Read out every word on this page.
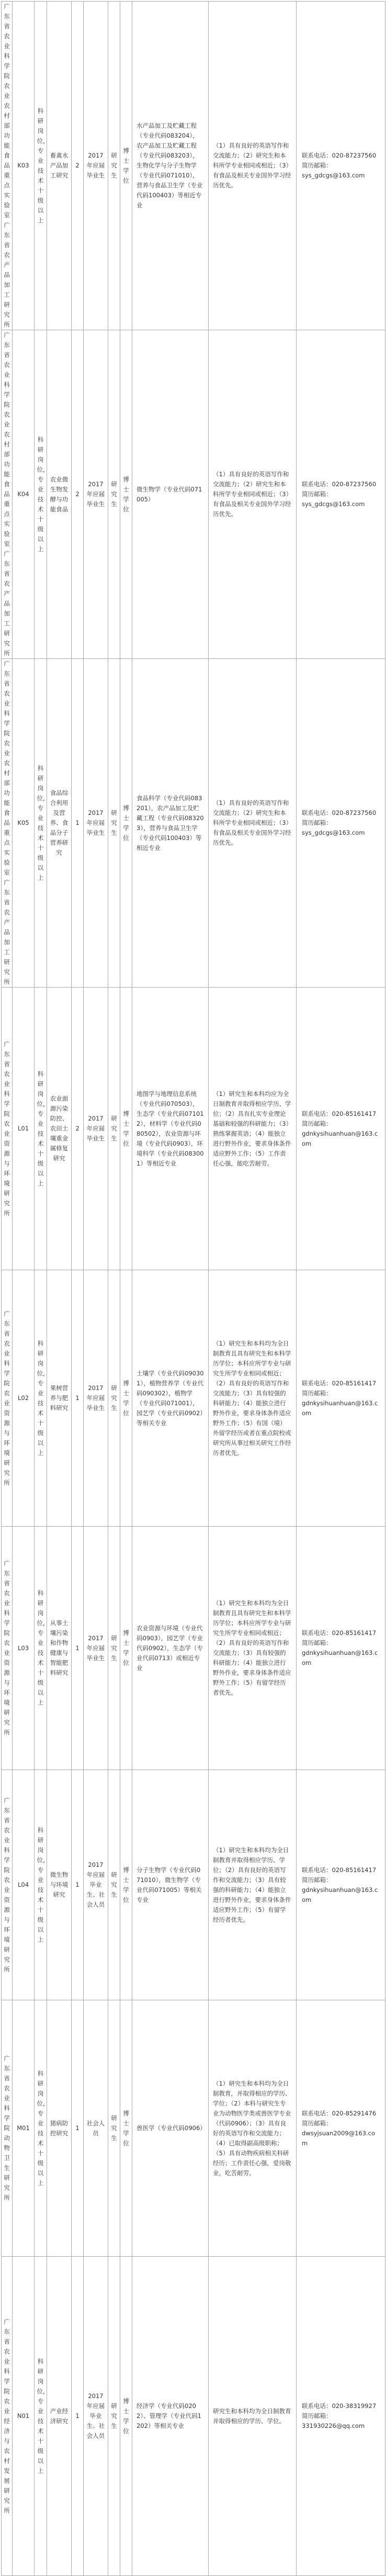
广东省农业科学院农业农村部功能食品重点实验室广东省农产品加工研究所	K03	科研岗位，专业技术十级以上	畜禽水产品加工研究	2	2017年应届毕业生	研究生	博士学位	水产品加工及贮藏工程（专业代码083204），农产品加工及贮藏工程（专业代码083203），生物化学与分子生物学（专业代码071010），营养与食品卫生学（专业代码100403）等相近专业	（1）具有良好的英语写作和交流能力；（2）研究生和本科所学专业相同或相近；（3）有食品及相关专业国外学习经历优先。	联系电话：020-87237560
简历邮箱：
sys_gdcgs@163.com

广东省农业科学院农业农村部功能食品重点实验室广东省农产品加工研究所	K04	科研岗位，专业技术十级以上	农业微生物发酵与功能食品	2	2017年应届毕业生	研究生	博士学位	微生物学（专业代码071005）	（1）具有良好的英语写作和交流能力；（2）研究生和本科所学专业相同或相近；（3）有食品及相关专业国外学习经历优先。	联系电话：020-87237560
简历邮箱：
sys_gdcgs@163.com

广东省农业科学院农业农村部功能食品重点实验室广东省农产品加工研究所	K05	科研岗位，专业技术十级以上	食品综合利用及营养、食品分子营养研究	1	2017年应届毕业生	研究生	博士学位	食品科学（专业代码083201），农产品加工及贮藏工程（专业代码083203），营养与食品卫生学（专业代码100403）等相近专业	（1）具有良好的英语写作和交流能力；（2）研究生和本科所学专业相同或相近；（3）有食品及相关专业国外学习经历优先。	联系电话：020-87237560
简历邮箱：
sys_gdcgs@163.com

广东省农业科学院农业资源与环境研究所	L01	科研岗位，专业技术十级以上	农业面源污染防控、农田土壤重金属修复研究	2	2017年应届毕业生	研究生	博士学位	地图学与地理信息系统（专业代码070503），生态学（专业代码071012），材料学（专业代码080502），农业资源与环境（专业代码0903），环境科学（专业代码083001）等相近专业	（1）研究生和本科均应为全日制教育并取得相应学历、学位；（2）具有扎实专业理论基础和较强的科研能力；（3）熟练掌握英语；（4）能独立进行野外作业，要求身体条件适应野外工作；（5）工作责任心强，能吃苦耐劳。	联系电话：020-85161417
简历邮箱：
gdnkysihuanhuan@163.com

广东省农业科学院农业资源与环境研究所	L02	科研岗位，专业技术十级以上	果树营养与肥料研究	1	2017年应届毕业生	研究生	博士学位	土壤学（专业代码090301），植物营养学（专业代码090302），植物学（专业代码071001），园艺学（专业代码0902）等相关专业	（1）研究生和本科均为全日制教育且具有研究生和本科学历学位；本科应所学专业与研究生所学专业相同或相近；（2）具有良好的英语写作和交流能力；（3）具有较强的科研能力；（4）能独立进行野外作业，要求身体条件适应野外工作；（5）有国（境）外留学经历或者在重点院校或研究所从事过相关研究工作经历者优先。	联系电话：020-85161417
简历邮箱：
gdnkysihuanhuan@163.com

广东省农业科学院农业资源与环境研究所	L03	科研岗位，专业技术十级以上	从事土壤污染和作物健康与智能肥料研究	1	2017年应届毕业生	研究生	博士学位	农业资源与环境（专业代码0903），园艺学（专业代码0902），生态学（专业代码0713）或相近专业	（1）研究生和本科均为全日制教育且具有研究生和本科学历学位；本科应所学专业与研究生所学专业相同或相近；（2）具有良好的英语写作和交流能力；（3）具有较强的科研能力；（4）能独立进行野外作业，要求身体条件适应野外工作；（5）有留学经历者优先。	联系电话：020-85161417
简历邮箱：
gdnkysihuanhuan@163.com

广东省农业科学院农业资源与环境研究所	L04	科研岗位，专业技术十级以上	微生物与环境研究	1	2017年应届毕业生、社会人员	研究生	博士学位	分子生物学（专业代码071010），微生物学（专业代码071005）等相关专业	（1）研究生和本科均为全日制教育并取得相应学历、学位；（2）具有良好的英语写作和交流能力；（3）具有较强的科研能力；（4）能独立进行野外作业，要求身体条件适应野外工作；（5）有留学经历者优先。	联系电话：020-85161417
简历邮箱：
gdnkysihuanhuan@163.com

广东省农业科学院动物卫生研究所	M01	科研岗位，专业技术十级以上	猪病防控研究	1	社会人员	研究生	博士学位	兽医学（专业代码0906）	（1）研究生和本科均为全日制教育，并取得相应的学历、学位；（2）本科与研究生专业为动物医学类或兽医学专业（代码0906）；（3）具有良好的英语写作和交流能力；（4）已取得副高级职称；（5）具有动物疾病相关科研经历；工作责任心强，爱岗敬业，吃苦耐劳。	联系电话：020-85291476
简历邮箱：
dwsyjsuan2009@163.com

广东省农业科学院农业经济与农村发展研究所	N01	科研岗位，专业技术十级以上	产业经济研究	1	2017年应届毕业生、社会人员	研究生	博士学位	经济学（专业代码0202）、管理学（专业代码1202）等相关专业	研究生和本科均为全日制教育并取得相应的学历、学位。	联系电话：020-38319927
简历邮箱：
331930226@qq.com
